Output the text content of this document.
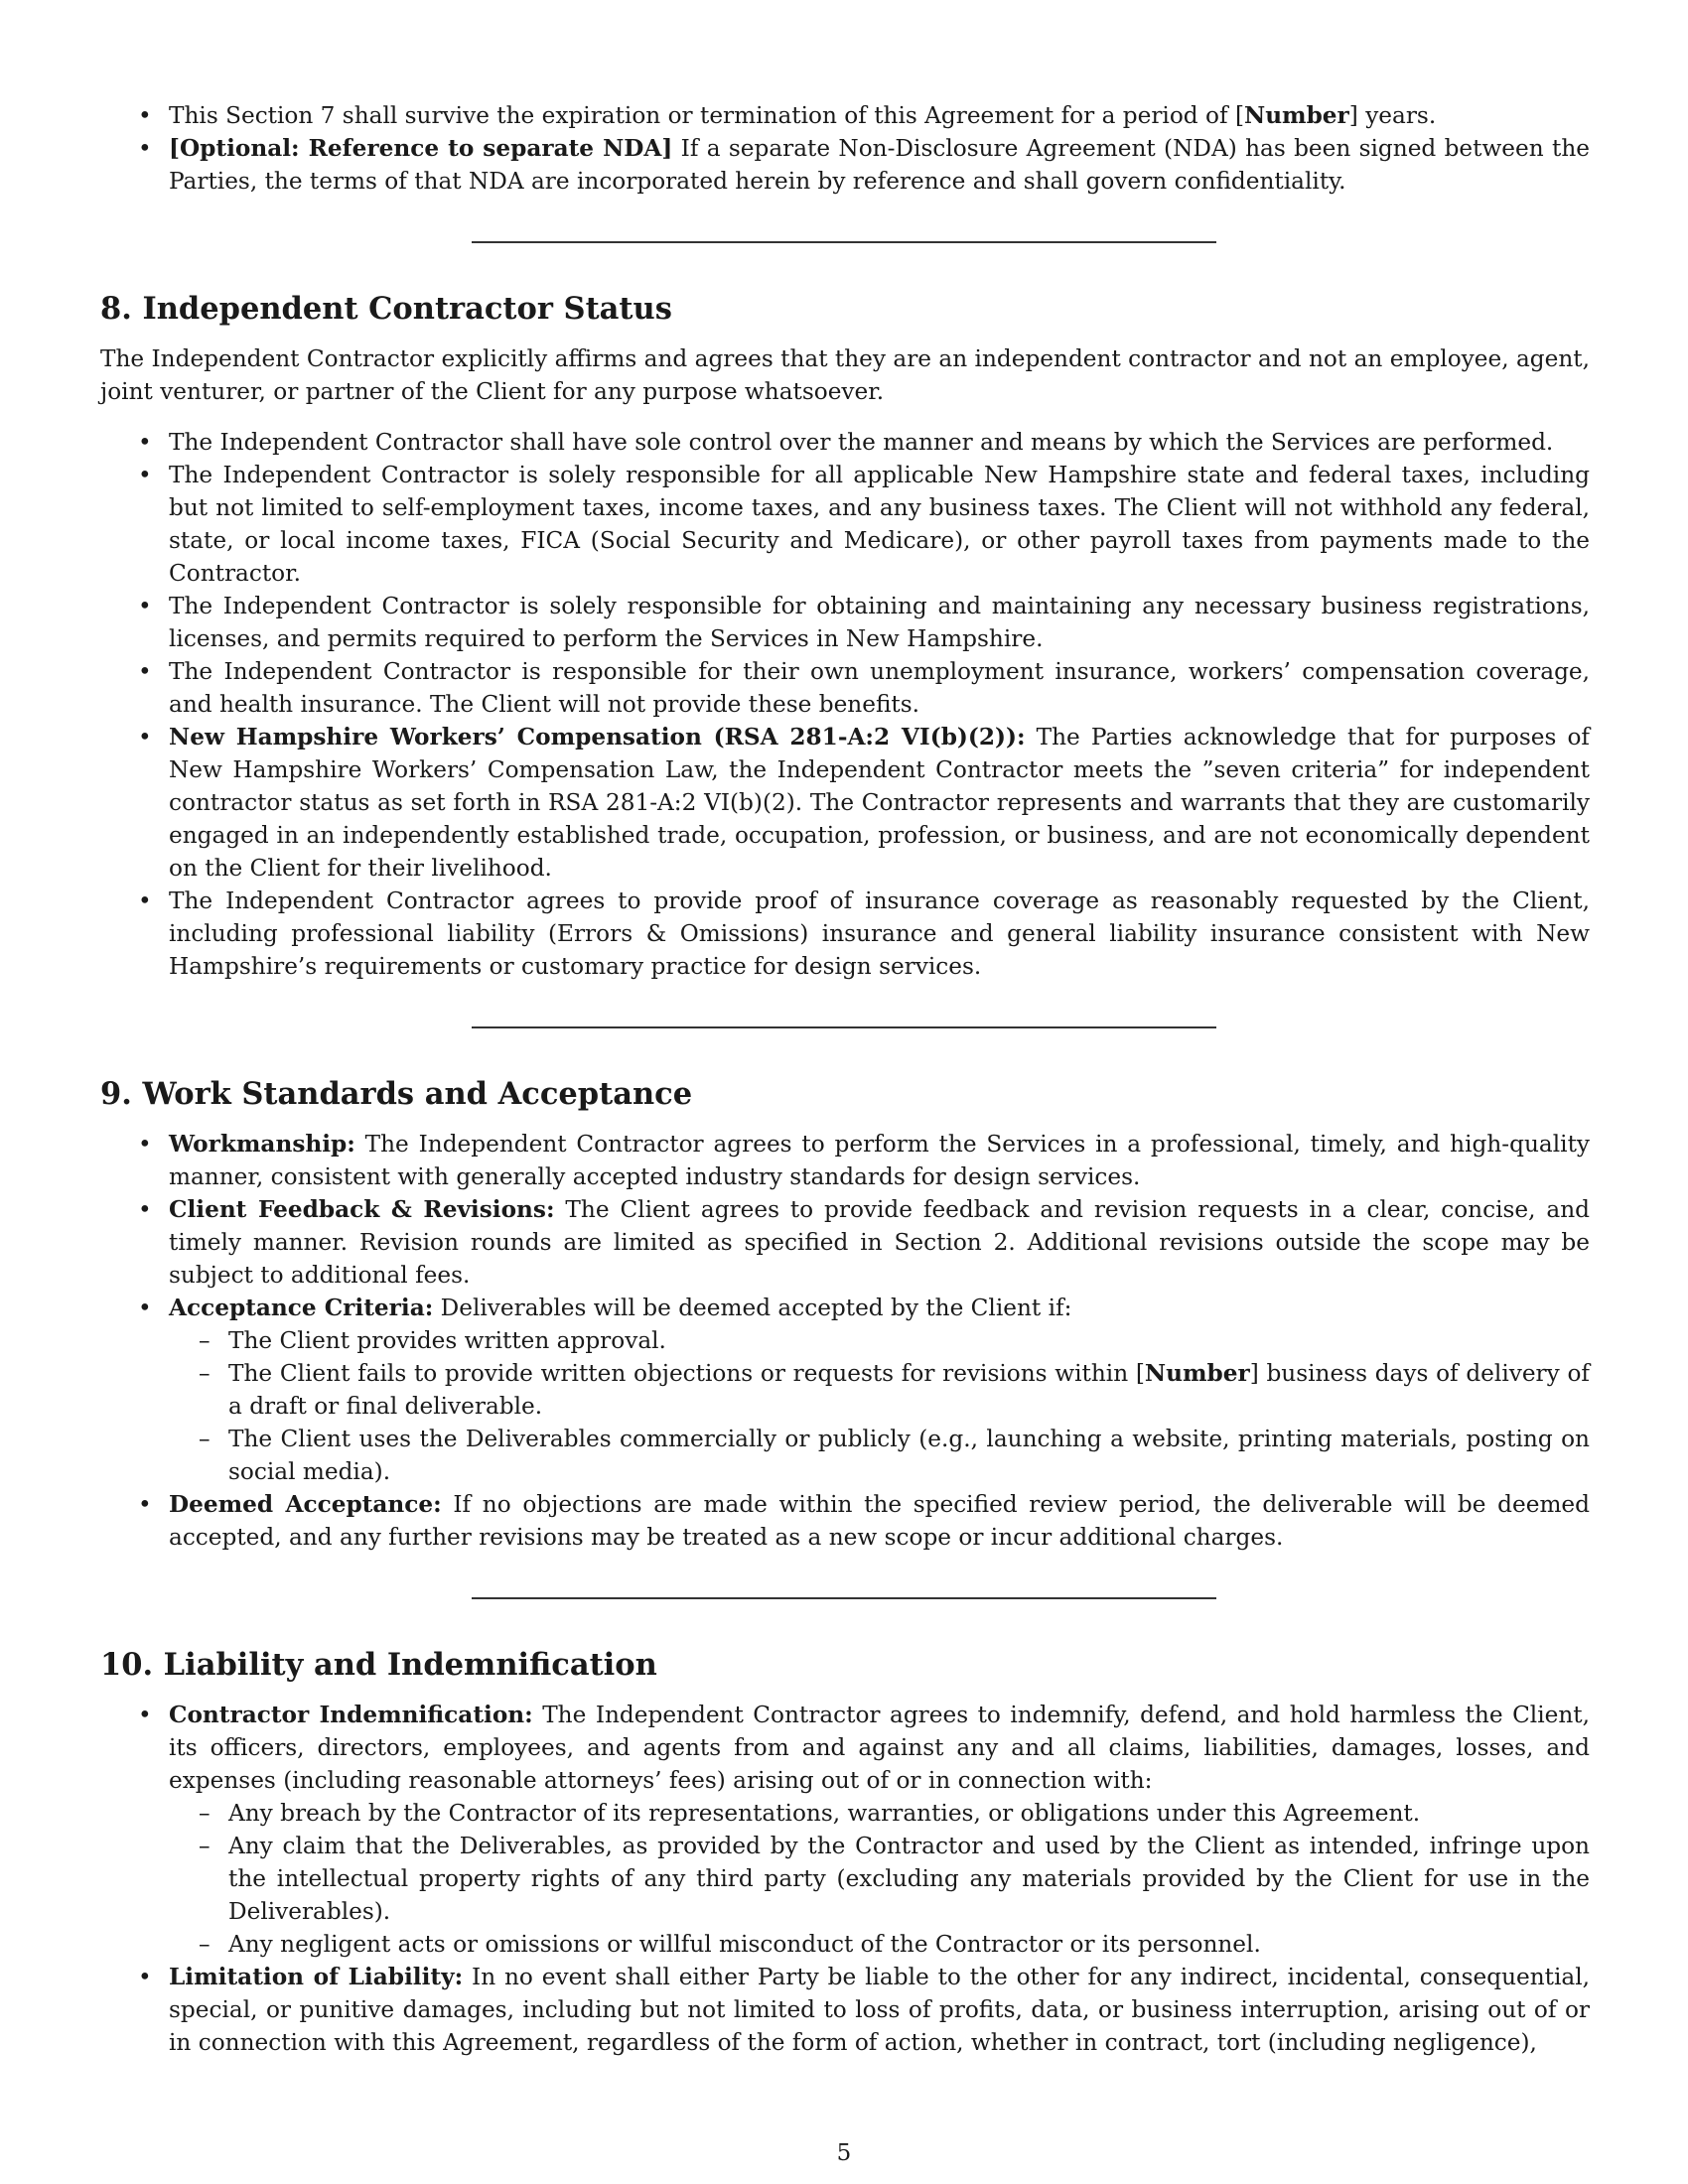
• This Section 7 shall survive the expiration or termination of this Agreement for a period of [Number] years.
• [Optional: Reference to separate NDA] If a separate Non-Disclosure Agreement (NDA) has been signed between the Parties, the terms of that NDA are incorporated herein by reference and shall govern confidentiality.
8. Independent Contractor Status

The Independent Contractor explicitly affirms and agrees that they are an independent contractor and not an employee, agent, joint venturer, or partner of the Client for any purpose whatsoever.

• The Independent Contractor shall have sole control over the manner and means by which the Services are performed.
• The Independent Contractor is solely responsible for all applicable New Hampshire state and federal taxes, including but not limited to self-employment taxes, income taxes, and any business taxes. The Client will not withhold any federal, state, or local income taxes, FICA (Social Security and Medicare), or other payroll taxes from payments made to the Contractor.
• The Independent Contractor is solely responsible for obtaining and maintaining any necessary business registrations, licenses, and permits required to perform the Services in New Hampshire.
• The Independent Contractor is responsible for their own unemployment insurance, workers’ compensation coverage, and health insurance. The Client will not provide these benefits.
• New Hampshire Workers’ Compensation (RSA 281-A:2 VI(b)(2)): The Parties acknowledge that for purposes of New Hampshire Workers’ Compensation Law, the Independent Contractor meets the ”seven criteria” for independent contractor status as set forth in RSA 281-A:2 VI(b)(2). The Contractor represents and warrants that they are customarily engaged in an independently established trade, occupation, profession, or business, and are not economically dependent on the Client for their livelihood.
• The Independent Contractor agrees to provide proof of insurance coverage as reasonably requested by the Client, including professional liability (Errors & Omissions) insurance and general liability insurance consistent with New Hampshire’s requirements or customary practice for design services.
9. Work Standards and Acceptance
• Workmanship: The Independent Contractor agrees to perform the Services in a professional, timely, and high-quality manner, consistent with generally accepted industry standards for design services.
• Client Feedback & Revisions: The Client agrees to provide feedback and revision requests in a clear, concise, and timely manner. Revision rounds are limited as specified in Section 2. Additional revisions outside the scope may be subject to additional fees.
• Acceptance Criteria: Deliverables will be deemed accepted by the Client if:
– The Client provides written approval.
– The Client fails to provide written objections or requests for revisions within [Number] business days of delivery of a draft or final deliverable.
– The Client uses the Deliverables commercially or publicly (e.g., launching a website, printing materials, posting on social media).
• Deemed Acceptance: If no objections are made within the specified review period, the deliverable will be deemed accepted, and any further revisions may be treated as a new scope or incur additional charges.
10. Liability and Indemnification
• Contractor Indemnification: The Independent Contractor agrees to indemnify, defend, and hold harmless the Client, its officers, directors, employees, and agents from and against any and all claims, liabilities, damages, losses, and expenses (including reasonable attorneys’ fees) arising out of or in connection with:
– Any breach by the Contractor of its representations, warranties, or obligations under this Agreement.
– Any claim that the Deliverables, as provided by the Contractor and used by the Client as intended, infringe upon the intellectual property rights of any third party (excluding any materials provided by the Client for use in the Deliverables).
– Any negligent acts or omissions or willful misconduct of the Contractor or its personnel.
• Limitation of Liability: In no event shall either Party be liable to the other for any indirect, incidental, consequential, special, or punitive damages, including but not limited to loss of profits, data, or business interruption, arising out of or in connection with this Agreement, regardless of the form of action, whether in contract, tort (including negligence),
5
